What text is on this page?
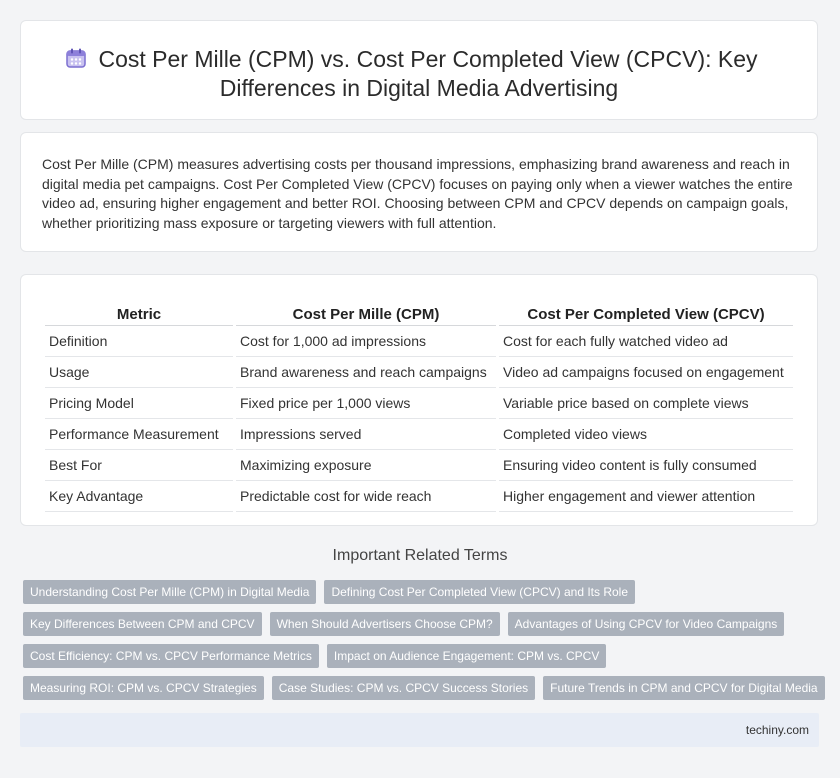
Cost Per Mille (CPM) vs. Cost Per Completed View (CPCV): Key
Differences in Digital Media Advertising
Cost Per Mille (CPM) measures advertising costs per thousand impressions, emphasizing brand awareness and reach in digital media pet campaigns. Cost Per Completed View (CPCV) focuses on paying only when a viewer watches the entire video ad, ensuring higher engagement and better ROI. Choosing between CPM and CPCV depends on campaign goals, whether prioritizing mass exposure or targeting viewers with full attention.
Metric	Cost Per Mille (CPM)	Cost Per Completed View (CPCV)
Definition	Cost for 1,000 ad impressions	Cost for each fully watched video ad
Usage	Brand awareness and reach campaigns	Video ad campaigns focused on engagement
Pricing Model	Fixed price per 1,000 views	Variable price based on complete views
Performance Measurement	Impressions served	Completed video views
Best For	Maximizing exposure	Ensuring video content is fully consumed
Key Advantage	Predictable cost for wide reach	Higher engagement and viewer attention
Important Related Terms
Understanding Cost Per Mille (CPM) in Digital Media	Defining Cost Per Completed View (CPCV) and Its Role
Key Differences Between CPM and CPCV	When Should Advertisers Choose CPM?	Advantages of Using CPCV for Video Campaigns
Cost Efficiency: CPM vs. CPCV Performance Metrics	Impact on Audience Engagement: CPM vs. CPCV
Measuring ROI: CPM vs. CPCV Strategies	Case Studies: CPM vs. CPCV Success Stories	Future Trends in CPM and CPCV for Digital Media
techiny.com
